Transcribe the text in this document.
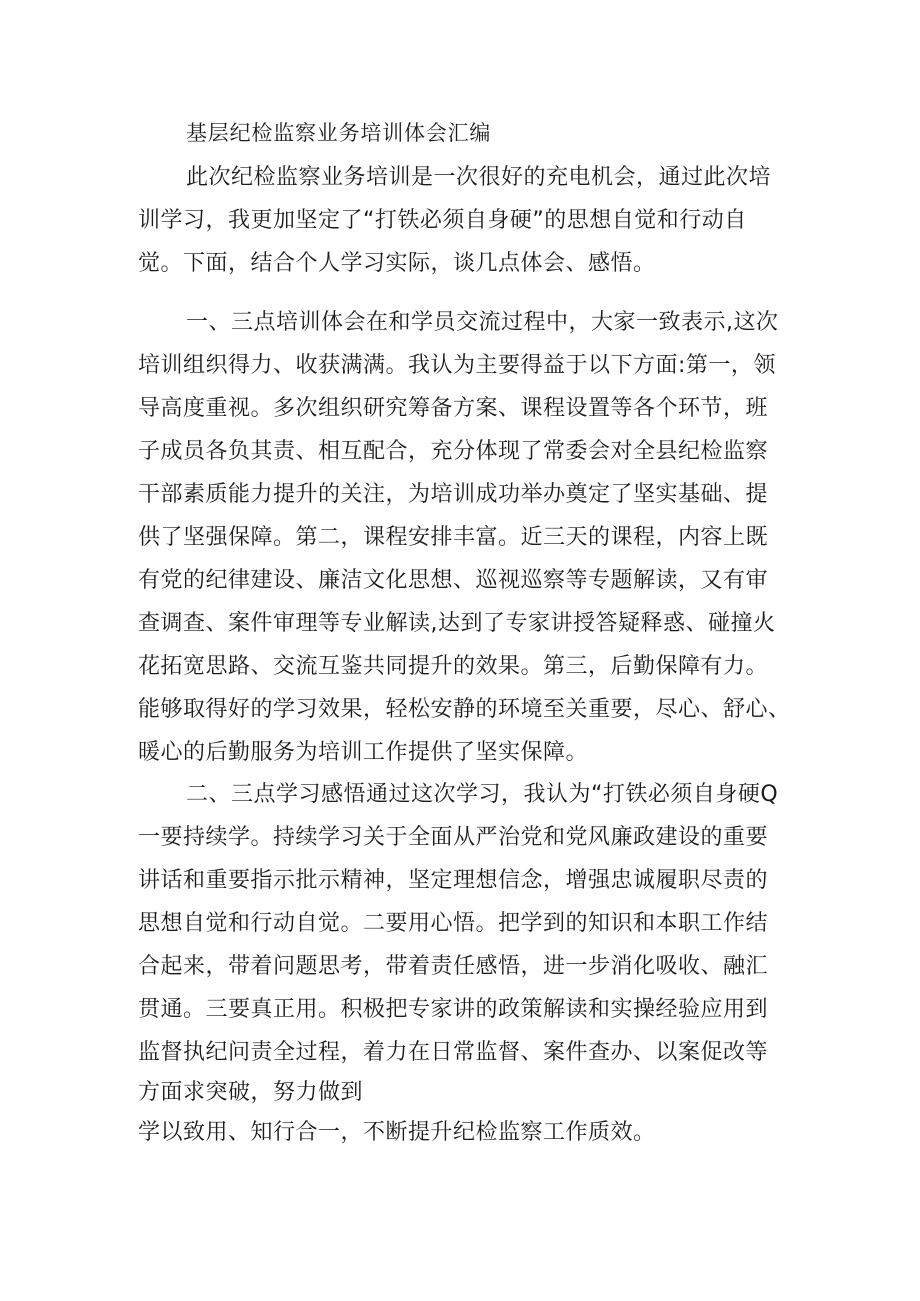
基层纪检监察业务培训体会汇编

此次纪检监察业务培训是一次很好的充电机会，通过此次培

训学习，我更加坚定了“打铁必须自身硬”的思想自觉和行动自

觉。下面，结合个人学习实际，谈几点体会、感悟。

一、三点培训体会在和学员交流过程中，大家一致表示,这次

培训组织得力、收获满满。我认为主要得益于以下方面:第一，领

导高度重视。多次组织研究筹备方案、课程设置等各个环节，班

子成员各负其责、相互配合，充分体现了常委会对全县纪检监察

干部素质能力提升的关注，为培训成功举办奠定了坚实基础、提

供了坚强保障。第二，课程安排丰富。近三天的课程，内容上既

有党的纪律建设、廉洁文化思想、巡视巡察等专题解读，又有审

查调查、案件审理等专业解读,达到了专家讲授答疑释惑、碰撞火

花拓宽思路、交流互鉴共同提升的效果。第三，后勤保障有力。

能够取得好的学习效果，轻松安静的环境至关重要，尽心、舒心、

暖心的后勤服务为培训工作提供了坚实保障。

二、三点学习感悟通过这次学习，我认为“打铁必须自身硬Q

一要持续学。持续学习关于全面从严治党和党风廉政建设的重要

讲话和重要指示批示精神，坚定理想信念，增强忠诚履职尽责的

思想自觉和行动自觉。二要用心悟。把学到的知识和本职工作结

合起来，带着问题思考，带着责任感悟，进一步消化吸收、融汇

贯通。三要真正用。积极把专家讲的政策解读和实操经验应用到

监督执纪问责全过程，着力在日常监督、案件查办、以案促改等

方面求突破，努力做到

学以致用、知行合一，不断提升纪检监察工作质效。
